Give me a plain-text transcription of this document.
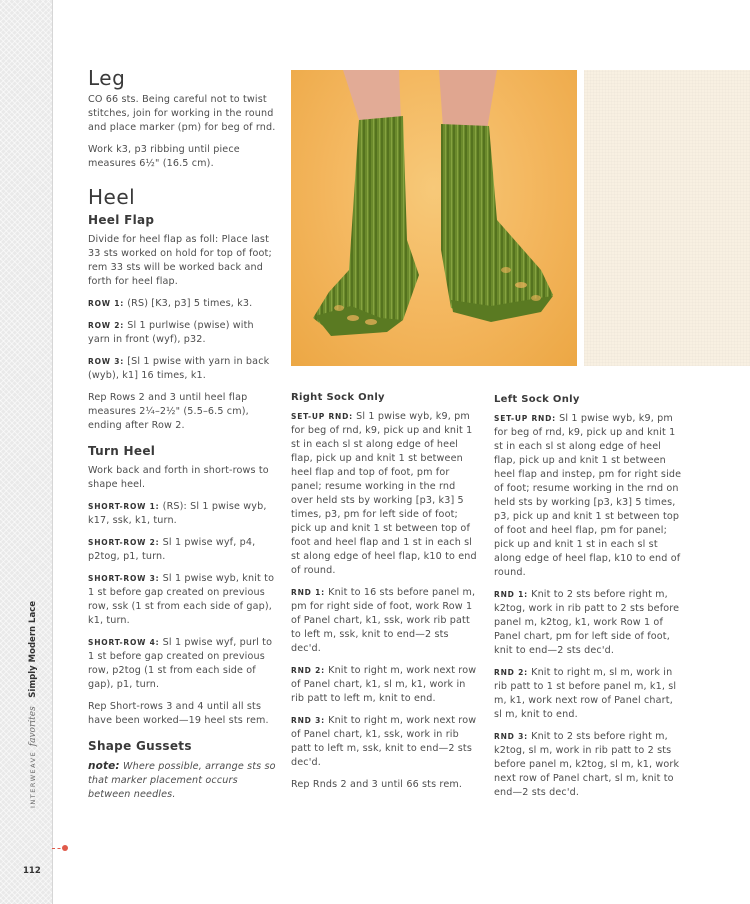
INTERWEAVE favorites Simply Modern Lace
112
Leg

CO 66 sts. Being careful not to twist stitches, join for working in the round and place marker (pm) for beg of rnd.

Work k3, p3 ribbing until piece measures 6½" (16.5 cm).

Heel
Heel Flap

Divide for heel flap as foll: Place last 33 sts worked on hold for top of foot; rem 33 sts will be worked back and forth for heel flap.

ROW 1: (RS) [K3, p3] 5 times, k3.

ROW 2: Sl 1 purlwise (pwise) with yarn in front (wyf), p32.

ROW 3: [Sl 1 pwise with yarn in back (wyb), k1] 16 times, k1.

Rep Rows 2 and 3 until heel flap measures 2¼–2½" (5.5–6.5 cm), ending after Row 2.

Turn Heel

Work back and forth in short-rows to shape heel.

SHORT-ROW 1: (RS): Sl 1 pwise wyb, k17, ssk, k1, turn.

SHORT-ROW 2: Sl 1 pwise wyf, p4, p2tog, p1, turn.

SHORT-ROW 3: Sl 1 pwise wyb, knit to 1 st before gap created on previous row, ssk (1 st from each side of gap), k1, turn.

SHORT-ROW 4: Sl 1 pwise wyf, purl to 1 st before gap created on previous row, p2tog (1 st from each side of gap), p1, turn.

Rep Short-rows 3 and 4 until all sts have been worked—19 heel sts rem.

Shape Gussets

note: Where possible, arrange sts so that marker placement occurs between needles.

Right Sock Only

SET-UP RND: Sl 1 pwise wyb, k9, pm for beg of rnd, k9, pick up and knit 1 st in each sl st along edge of heel flap, pick up and knit 1 st between heel flap and top of foot, pm for panel; resume working in the rnd over held sts by working [p3, k3] 5 times, p3, pm for left side of foot; pick up and knit 1 st between top of foot and heel flap and 1 st in each sl st along edge of heel flap, k10 to end of round.

RND 1: Knit to 16 sts before panel m, pm for right side of foot, work Row 1 of Panel chart, k1, ssk, work rib patt to left m, ssk, knit to end—2 sts dec'd.

RND 2: Knit to right m, work next row of Panel chart, k1, sl m, k1, work in rib patt to left m, knit to end.

RND 3: Knit to right m, work next row of Panel chart, k1, ssk, work in rib patt to left m, ssk, knit to end—2 sts dec'd.

Rep Rnds 2 and 3 until 66 sts rem.

Left Sock Only

SET-UP RND: Sl 1 pwise wyb, k9, pm for beg of rnd, k9, pick up and knit 1 st in each sl st along edge of heel flap, pick up and knit 1 st between heel flap and instep, pm for right side of foot; resume working in the rnd on held sts by working [p3, k3] 5 times, p3, pick up and knit 1 st between top of foot and heel flap, pm for panel; pick up and knit 1 st in each sl st along edge of heel flap, k10 to end of round.

RND 1: Knit to 2 sts before right m, k2tog, work in rib patt to 2 sts before panel m, k2tog, k1, work Row 1 of Panel chart, pm for left side of foot, knit to end—2 sts dec'd.

RND 2: Knit to right m, sl m, work in rib patt to 1 st before panel m, k1, sl m, k1, work next row of Panel chart, sl m, knit to end.

RND 3: Knit to 2 sts before right m, k2tog, sl m, work in rib patt to 2 sts before panel m, k2tog, sl m, k1, work next row of Panel chart, sl m, knit to end—2 sts dec'd.
